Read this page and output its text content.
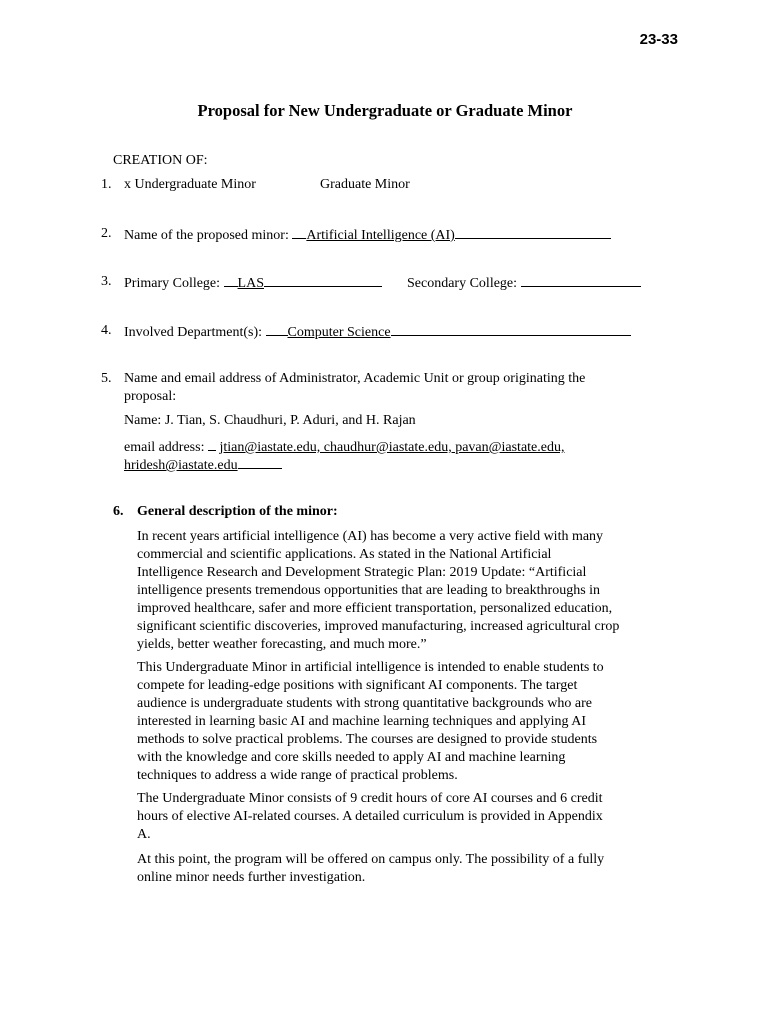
23-33
Proposal for New Undergraduate or Graduate Minor
CREATION OF:
1. x Undergraduate Minor	Graduate Minor
2. Name of the proposed minor: Artificial Intelligence (AI)
3. Primary College: LAS	Secondary College:
4. Involved Department(s): Computer Science
5. Name and email address of Administrator, Academic Unit or group originating the
proposal:
Name: J. Tian, S. Chaudhuri, P. Aduri, and H. Rajan
email address: jtian@iastate.edu, chaudhur@iastate.edu, pavan@iastate.edu,
hridesh@iastate.edu
6. General description of the minor:
In recent years artificial intelligence (AI) has become a very active field with many
commercial and scientific applications. As stated in the National Artificial
Intelligence Research and Development Strategic Plan: 2019 Update: “Artificial
intelligence presents tremendous opportunities that are leading to breakthroughs in
improved healthcare, safer and more efficient transportation, personalized education,
significant scientific discoveries, improved manufacturing, increased agricultural crop
yields, better weather forecasting, and much more.”
This Undergraduate Minor in artificial intelligence is intended to enable students to
compete for leading-edge positions with significant AI components. The target
audience is undergraduate students with strong quantitative backgrounds who are
interested in learning basic AI and machine learning techniques and applying AI
methods to solve practical problems. The courses are designed to provide students
with the knowledge and core skills needed to apply AI and machine learning
techniques to address a wide range of practical problems.
The Undergraduate Minor consists of 9 credit hours of core AI courses and 6 credit
hours of elective AI-related courses. A detailed curriculum is provided in Appendix
A.
At this point, the program will be offered on campus only. The possibility of a fully
online minor needs further investigation.
